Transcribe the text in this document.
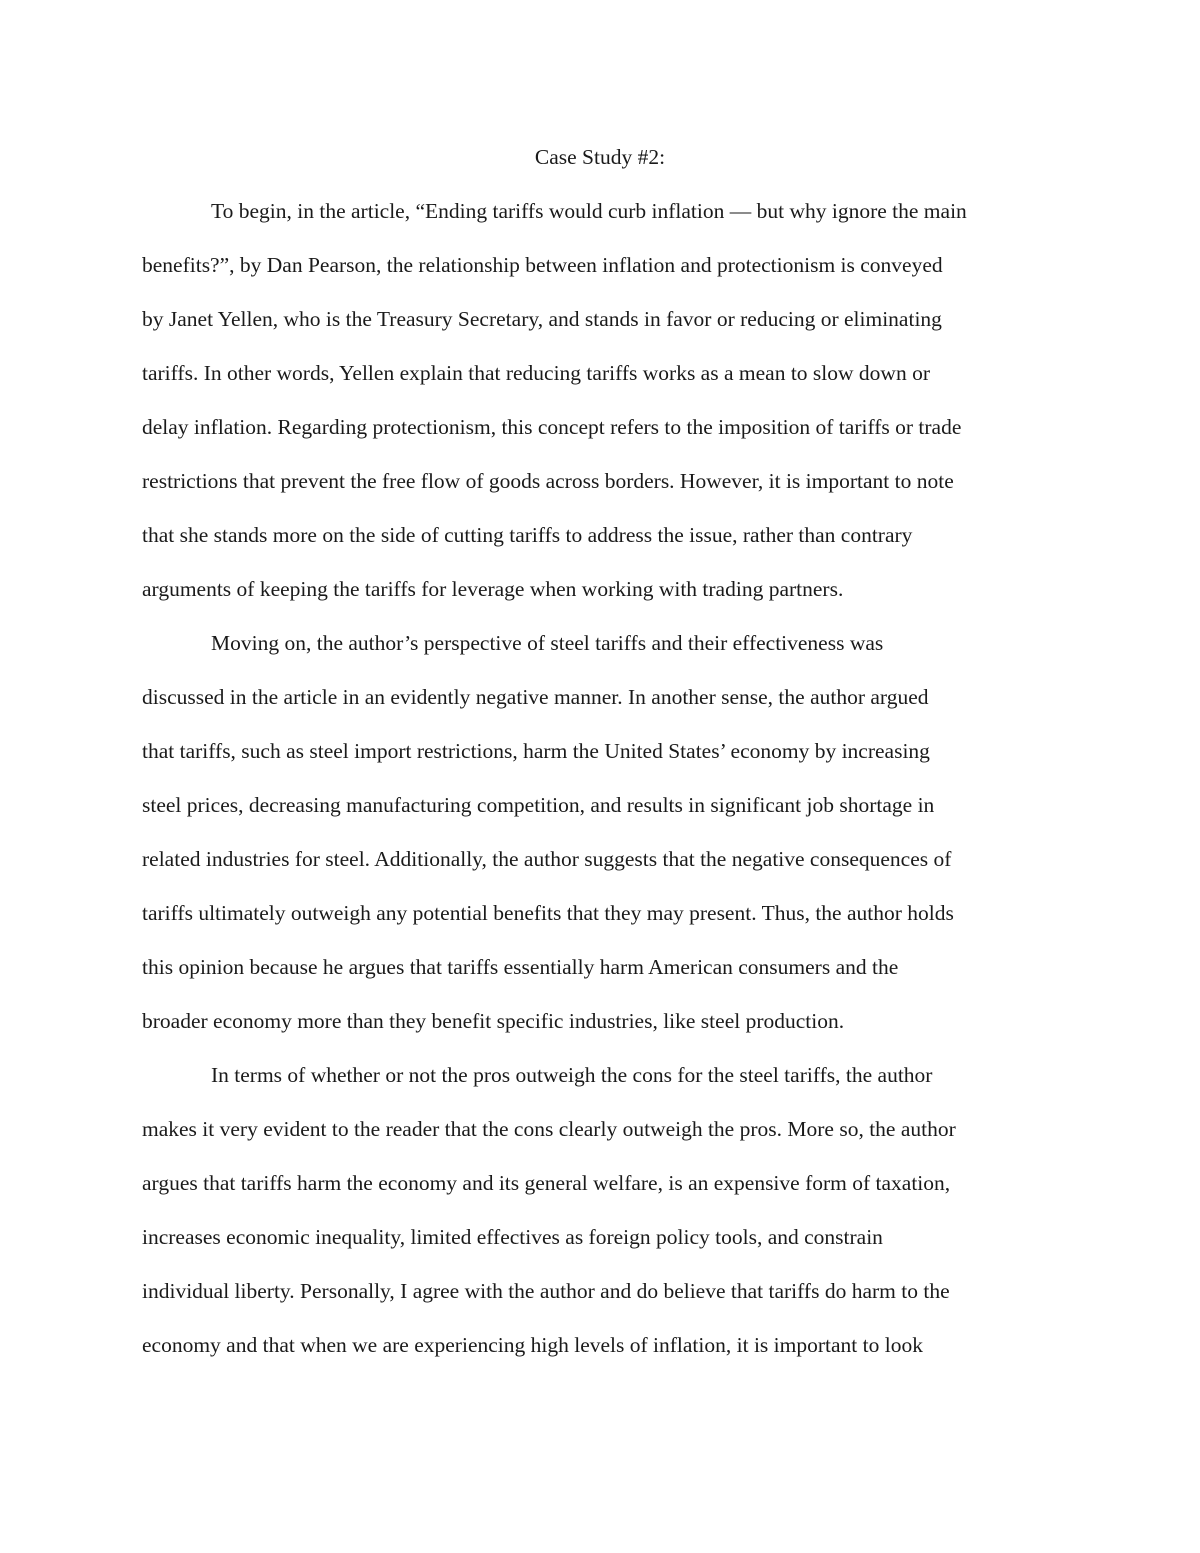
Case Study #2:
To begin, in the article, “Ending tariffs would curb inflation — but why ignore the main
benefits?”, by Dan Pearson, the relationship between inflation and protectionism is conveyed
by Janet Yellen, who is the Treasury Secretary, and stands in favor or reducing or eliminating
tariffs. In other words, Yellen explain that reducing tariffs works as a mean to slow down or
delay inflation. Regarding protectionism, this concept refers to the imposition of tariffs or trade
restrictions that prevent the free flow of goods across borders. However, it is important to note
that she stands more on the side of cutting tariffs to address the issue, rather than contrary
arguments of keeping the tariffs for leverage when working with trading partners.
Moving on, the author’s perspective of steel tariffs and their effectiveness was
discussed in the article in an evidently negative manner. In another sense, the author argued
that tariffs, such as steel import restrictions, harm the United States’ economy by increasing
steel prices, decreasing manufacturing competition, and results in significant job shortage in
related industries for steel. Additionally, the author suggests that the negative consequences of
tariffs ultimately outweigh any potential benefits that they may present. Thus, the author holds
this opinion because he argues that tariffs essentially harm American consumers and the
broader economy more than they benefit specific industries, like steel production.
In terms of whether or not the pros outweigh the cons for the steel tariffs, the author
makes it very evident to the reader that the cons clearly outweigh the pros. More so, the author
argues that tariffs harm the economy and its general welfare, is an expensive form of taxation,
increases economic inequality, limited effectives as foreign policy tools, and constrain
individual liberty. Personally, I agree with the author and do believe that tariffs do harm to the
economy and that when we are experiencing high levels of inflation, it is important to look
